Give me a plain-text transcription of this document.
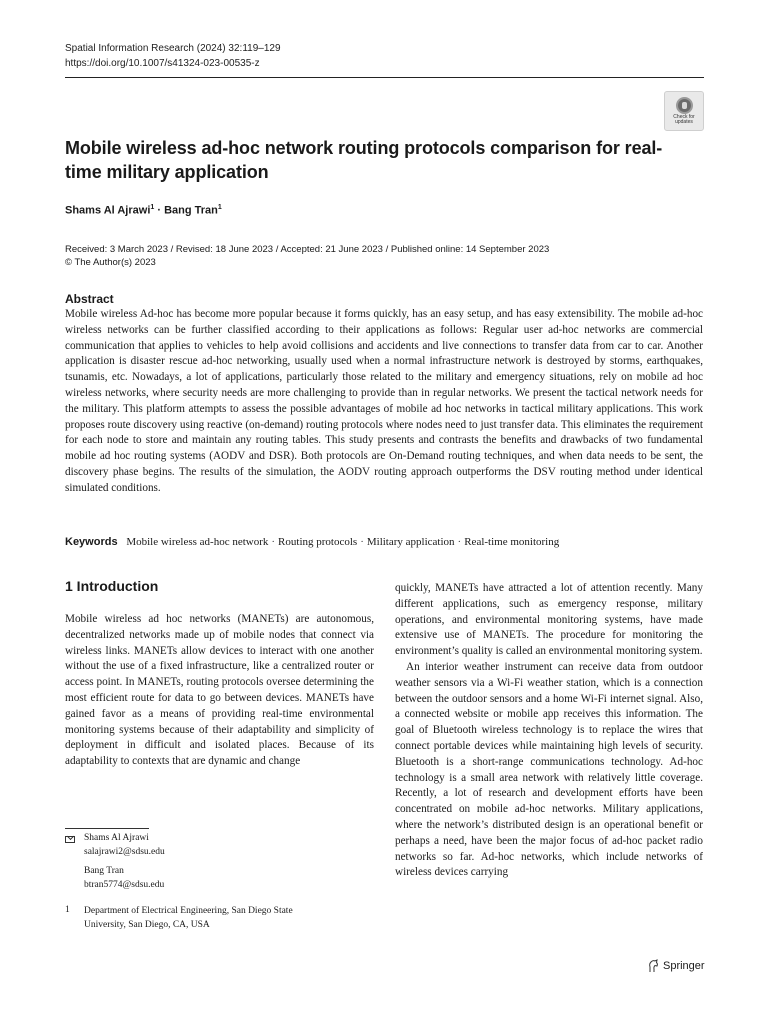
Spatial Information Research (2024) 32:119–129
https://doi.org/10.1007/s41324-023-00535-z
Check for
updates
Mobile wireless ad-hoc network routing protocols comparison for real-time military application
Shams Al Ajrawi$^1$ · Bang Tran$^1$
Received: 3 March 2023 / Revised: 18 June 2023 / Accepted: 21 June 2023 / Published online: 14 September 2023
© The Author(s) 2023
Abstract

Mobile wireless Ad-hoc has become more popular because it forms quickly, has an easy setup, and has easy extensibility. The mobile ad-hoc wireless networks can be further classified according to their applications as follows: Regular user ad-hoc networks are commercial communication that applies to vehicles to help avoid collisions and accidents and live connections to transfer data from car to car. Another application is disaster rescue ad-hoc networking, usually used when a normal infrastructure network is destroyed by storms, earthquakes, tsunamis, etc. Nowadays, a lot of applications, particularly those related to the military and emergency situations, rely on mobile ad hoc wireless networks, where security needs are more challenging to provide than in regular networks. We present the tactical network needs for the military. This platform attempts to assess the possible advantages of mobile ad hoc networks in tactical military applications. This work proposes route discovery using reactive (on-demand) routing protocols where nodes need to just transfer data. This eliminates the requirement for each node to store and maintain any routing tables. This study presents and contrasts the benefits and drawbacks of two fundamental mobile ad hoc routing systems (AODV and DSR). Both protocols are On-Demand routing techniques, and when data needs to be sent, the discovery phase begins. The results of the simulation, the AODV routing approach outperforms the DSV routing method under identical simulated conditions.

Keywords Mobile wireless ad-hoc network · Routing protocols · Military application · Real-time monitoring
1 Introduction

Mobile wireless ad hoc networks (MANETs) are autonomous, decentralized networks made up of mobile nodes that connect via wireless links. MANETs allow devices to interact with one another without the use of a fixed infrastructure, like a centralized router or access point. In MANETs, routing protocols oversee determining the most efficient route for data to go between devices. MANETs have gained favor as a means of providing real-time environmental monitoring systems because of their adaptability and simplicity of deployment in difficult and isolated places. Because of its adaptability to contexts that are dynamic and change

quickly, MANETs have attracted a lot of attention recently. Many different applications, such as emergency response, military operations, and environmental monitoring systems, have made extensive use of MANETs. The procedure for monitoring the environment’s quality is called an environmental monitoring system.
An interior weather instrument can receive data from outdoor weather sensors via a Wi-Fi weather station, which is a connection between the outdoor sensors and a home Wi-Fi internet signal. Also, a connected website or mobile app receives this information. The goal of Bluetooth wireless technology is to replace the wires that connect portable devices while maintaining high levels of security. Bluetooth is a short-range communications technology. Ad-hoc technology is a small area network with relatively little coverage. Recently, a lot of research and development efforts have been concentrated on mobile ad-hoc networks. Military applications, where the network’s distributed design is an operational benefit or perhaps a need, have been the major focus of ad-hoc packet radio networks so far. Ad-hoc networks, which include networks of wireless devices carrying
Shams Al Ajrawi
salajrawi2@sdsu.edu
Bang Tran
btran5774@sdsu.edu
1 Department of Electrical Engineering, San Diego State
University, San Diego, CA, USA
Springer
